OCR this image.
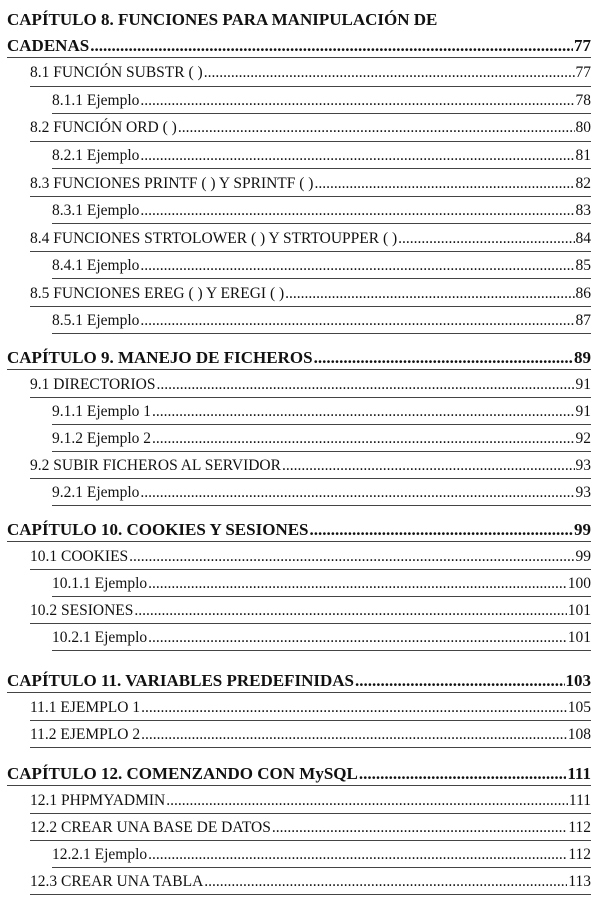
CAPÍTULO 8. FUNCIONES PARA MANIPULACIÓN DE
CADENAS .....	77
8.1 FUNCIÓN SUBSTR ( ) .....	77
8.1.1 Ejemplo .....	78
8.2 FUNCIÓN ORD ( ) .....	80
8.2.1 Ejemplo .....	81
8.3 FUNCIONES PRINTF ( ) Y SPRINTF ( ) .....	82
8.3.1 Ejemplo .....	83
8.4 FUNCIONES STRTOLOWER ( ) Y STRTOUPPER ( ) .....	84
8.4.1 Ejemplo .....	85
8.5 FUNCIONES EREG ( ) Y EREGI ( ) .....	86
8.5.1 Ejemplo .....	87
CAPÍTULO 9. MANEJO DE FICHEROS .....	89
9.1 DIRECTORIOS .....	91
9.1.1 Ejemplo 1 .....	91
9.1.2 Ejemplo 2 .....	92
9.2 SUBIR FICHEROS AL SERVIDOR .....	93
9.2.1 Ejemplo .....	93
CAPÍTULO 10. COOKIES Y SESIONES .....	99
10.1 COOKIES .....	99
10.1.1 Ejemplo .....	100
10.2 SESIONES .....	101
10.2.1 Ejemplo .....	101
CAPÍTULO 11. VARIABLES PREDEFINIDAS .....	103
11.1 EJEMPLO 1 .....	105
11.2 EJEMPLO 2 .....	108
CAPÍTULO 12. COMENZANDO CON MySQL .....	111
12.1 PHPMYADMIN .....	111
12.2 CREAR UNA BASE DE DATOS .....	112
12.2.1 Ejemplo .....	112
12.3 CREAR UNA TABLA .....	113
